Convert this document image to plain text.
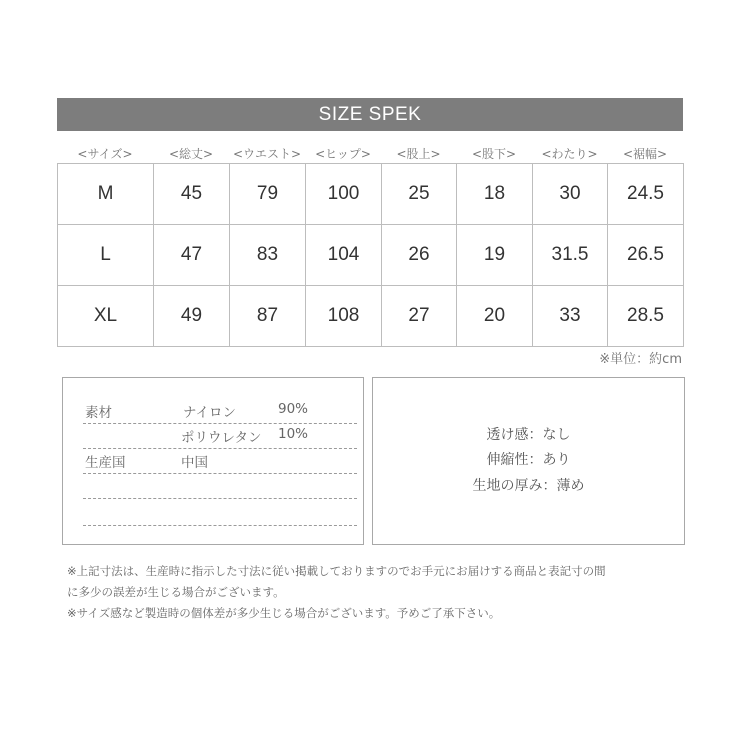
SIZE SPEK
<サイズ>	<総丈>	<ウエスト>	<ヒップ>	<股上>	<股下>	<わたり>	<裾幅>
M	45	79	100	25	18	30	24.5
L	47	83	104	26	19	31.5	26.5
XL	49	87	108	27	20	33	28.5
※単位：約cm
素材	ナイロン	90%
ポリウレタン 10%
生産国	中国
透け感：なし
伸縮性：あり
生地の厚み：薄め

※上記寸法は、生産時に指示した寸法に従い掲載しておりますのでお手元にお届けする商品と表記寸の間

に多少の誤差が生じる場合がございます。

※サイズ感など製造時の個体差が多少生じる場合がございます。予めご了承下さい。
